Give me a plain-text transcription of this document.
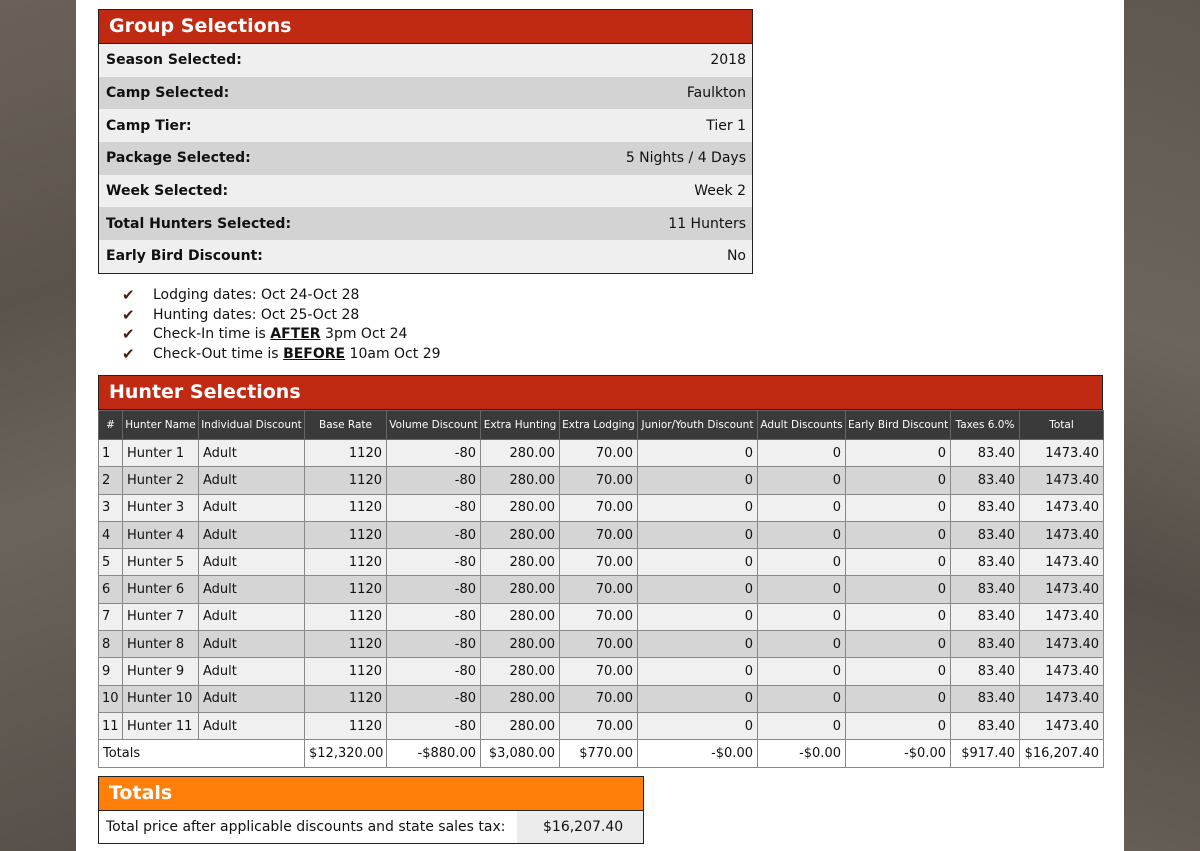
Group Selections
Season Selected:	2018
Camp Selected:	Faulkton
Camp Tier:	Tier 1
Package Selected:	5 Nights / 4 Days
Week Selected:	Week 2
Total Hunters Selected:	11 Hunters
Early Bird Discount:	No
✔	Lodging dates: Oct 24-Oct 28
✔	Hunting dates: Oct 25-Oct 28
✔	Check-In time is AFTER 3pm Oct 24
✔	Check-Out time is BEFORE 10am Oct 29
Hunter Selections
#	Hunter Name	Individual Discount	Base Rate	Volume Discount	Extra Hunting	Extra Lodging	Junior/Youth Discount	Adult Discounts	Early Bird Discount	Taxes 6.0%	Total
1	Hunter 1	Adult	1120	-80	280.00	70.00	0	0	0	83.40	1473.40
2	Hunter 2	Adult	1120	-80	280.00	70.00	0	0	0	83.40	1473.40
3	Hunter 3	Adult	1120	-80	280.00	70.00	0	0	0	83.40	1473.40
4	Hunter 4	Adult	1120	-80	280.00	70.00	0	0	0	83.40	1473.40
5	Hunter 5	Adult	1120	-80	280.00	70.00	0	0	0	83.40	1473.40
6	Hunter 6	Adult	1120	-80	280.00	70.00	0	0	0	83.40	1473.40
7	Hunter 7	Adult	1120	-80	280.00	70.00	0	0	0	83.40	1473.40
8	Hunter 8	Adult	1120	-80	280.00	70.00	0	0	0	83.40	1473.40
9	Hunter 9	Adult	1120	-80	280.00	70.00	0	0	0	83.40	1473.40
10	Hunter 10	Adult	1120	-80	280.00	70.00	0	0	0	83.40	1473.40
11	Hunter 11	Adult	1120	-80	280.00	70.00	0	0	0	83.40	1473.40
Totals			$12,320.00	-$880.00	$3,080.00	$770.00	-$0.00	-$0.00	-$0.00	$917.40	$16,207.40
Totals
Total price after applicable discounts and state sales tax:	$16,207.40
